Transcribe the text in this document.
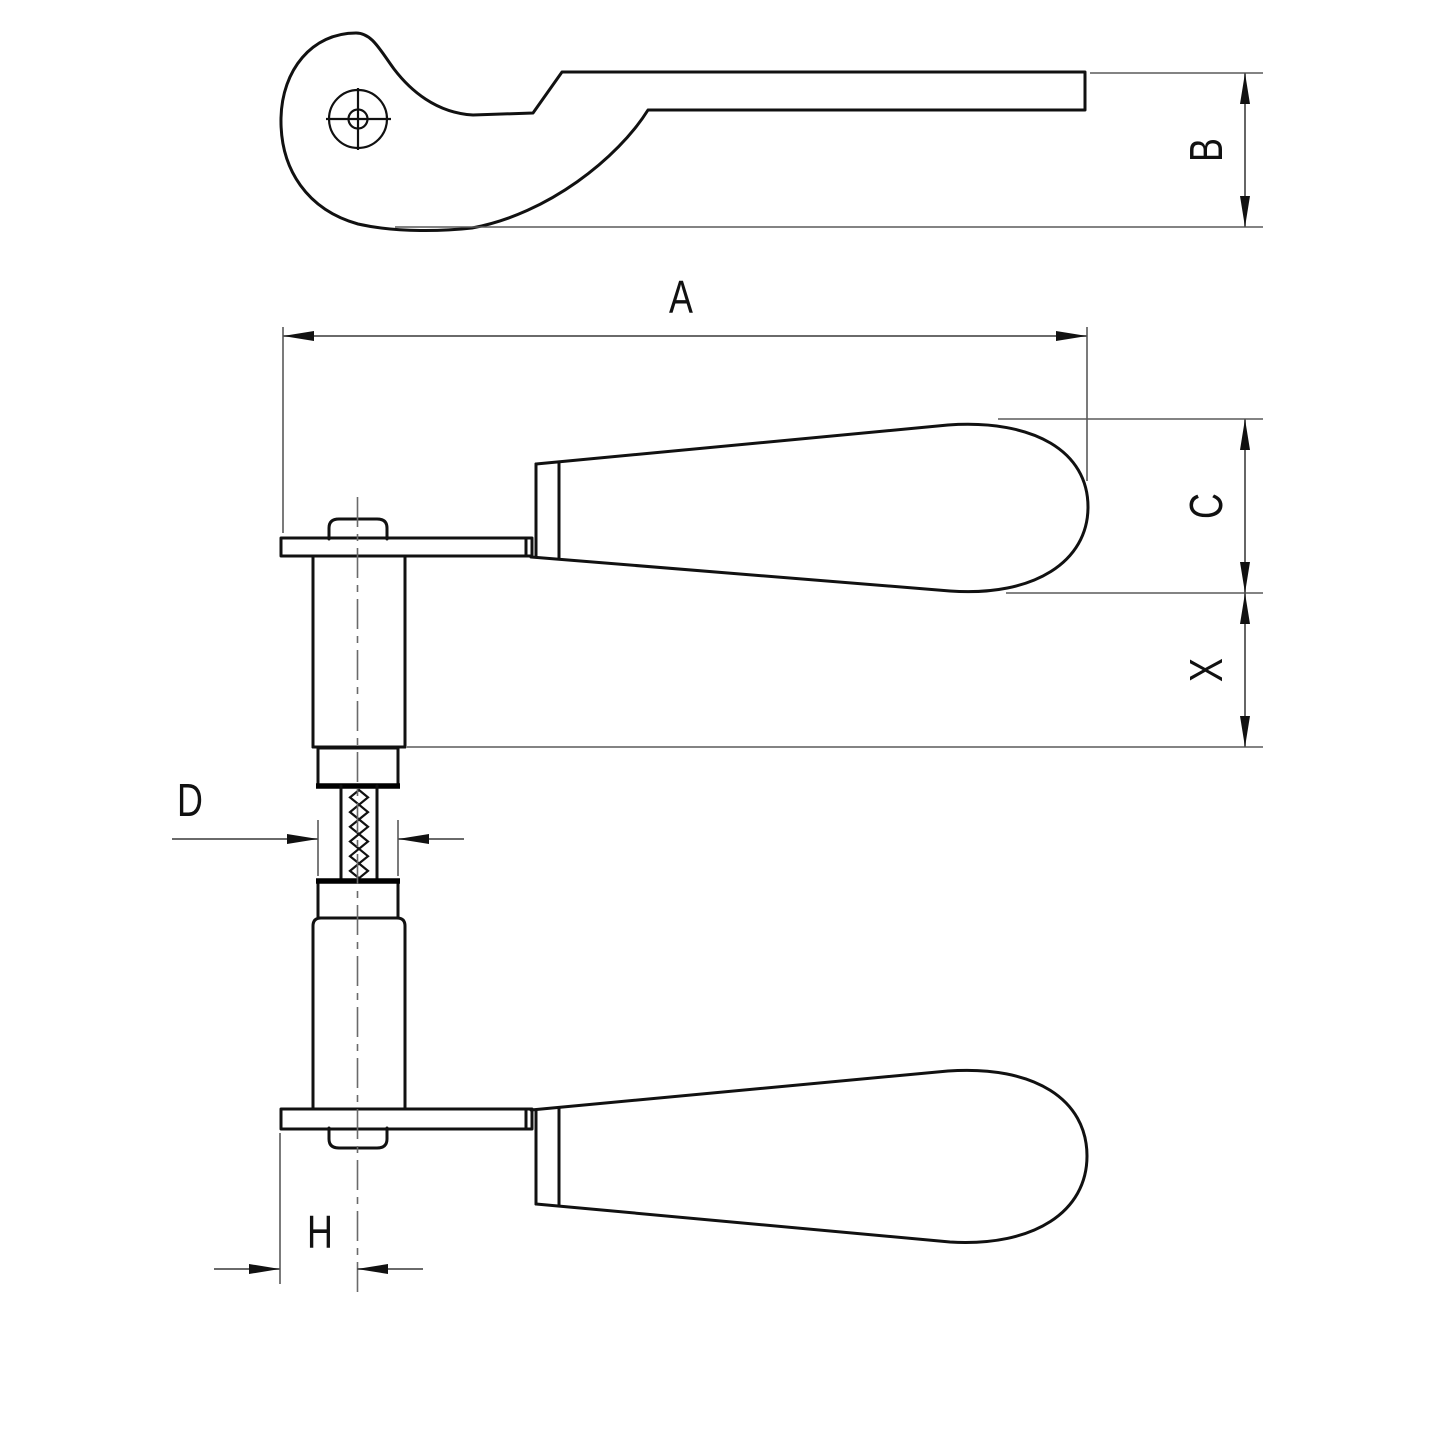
B
A
C
X
D
H
